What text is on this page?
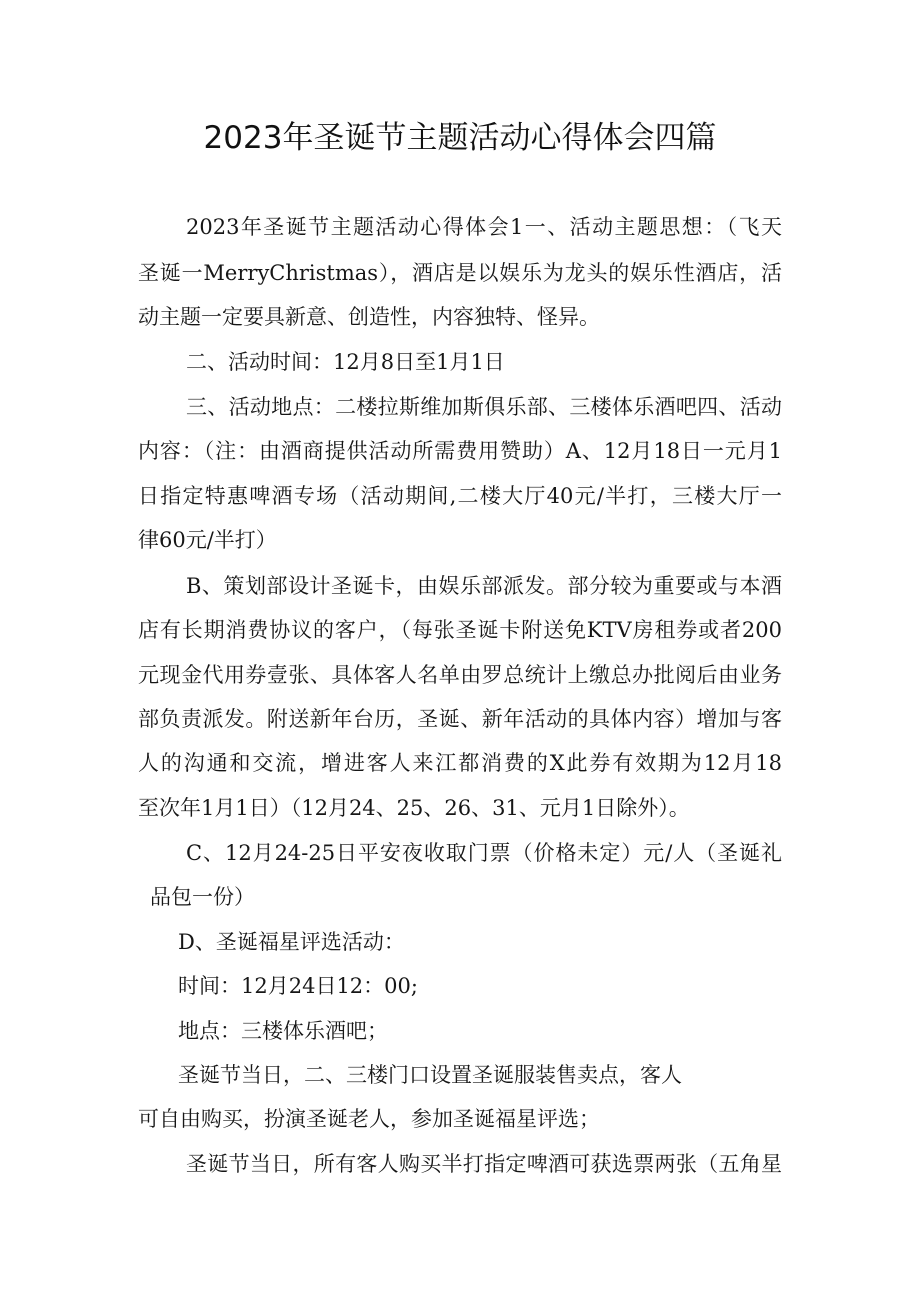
2023年圣诞节主题活动心得体会四篇

2023年圣诞节主题活动心得体会1一、活动主题思想：（飞天

圣诞一MerryChristmas），酒店是以娱乐为龙头的娱乐性酒店，活

动主题一定要具新意、创造性，内容独特、怪异。

二、活动时间：12月8日至1月1日

三、活动地点：二楼拉斯维加斯俱乐部、三楼体乐酒吧四、活动

内容：（注：由酒商提供活动所需费用赞助）A、12月18日一元月1

日指定特惠啤酒专场（活动期间,二楼大厅40元/半打，三楼大厅一

律60元/半打）

B、策划部设计圣诞卡，由娱乐部派发。部分较为重要或与本酒

店有长期消费协议的客户，（每张圣诞卡附送免KTV房租券或者200

元现金代用券壹张、具体客人名单由罗总统计上缴总办批阅后由业务

部负责派发。附送新年台历，圣诞、新年活动的具体内容）增加与客

人的沟通和交流，增进客人来江都消费的X此券有效期为12月18

至次年1月1日）（12月24、25、26、31、元月1日除外）。

C、12月24-25日平安夜收取门票（价格未定）元/人（圣诞礼

品包一份）

D、圣诞福星评选活动：

时间：12月24日12：00;

地点：三楼体乐酒吧；

圣诞节当日，二、三楼门口设置圣诞服装售卖点，客人

可自由购买，扮演圣诞老人，参加圣诞福星评选；

圣诞节当日，所有客人购买半打指定啤酒可获选票两张（五角星
